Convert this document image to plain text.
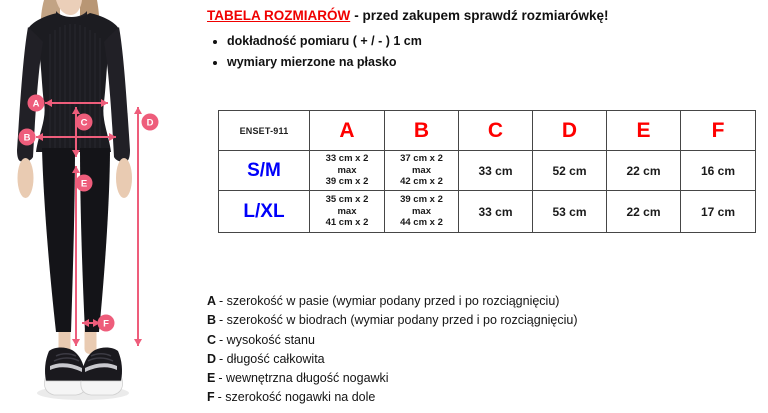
A
C
B
D
E
F
TABELA ROZMIARÓW - przed zakupem sprawdź rozmiarówkę!
• dokładność pomiaru ( + / - ) 1 cm
• wymiary mierzone na płasko
ENSET-911	A	B	C	D	E	F
S/M	33 cm x 2
max
39 cm x 2	37 cm x 2
max
42 cm x 2	33 cm	52 cm	22 cm	16 cm
L/XL	35 cm x 2
max
41 cm x 2	39 cm x 2
max
44 cm x 2	33 cm	53 cm	22 cm	17 cm
A - szerokość w pasie (wymiar podany przed i po rozciągnięciu)
B - szerokość w biodrach (wymiar podany przed i po rozciągnięciu)
C - wysokość stanu
D - długość całkowita
E - wewnętrzna długość nogawki
F - szerokość nogawki na dole
